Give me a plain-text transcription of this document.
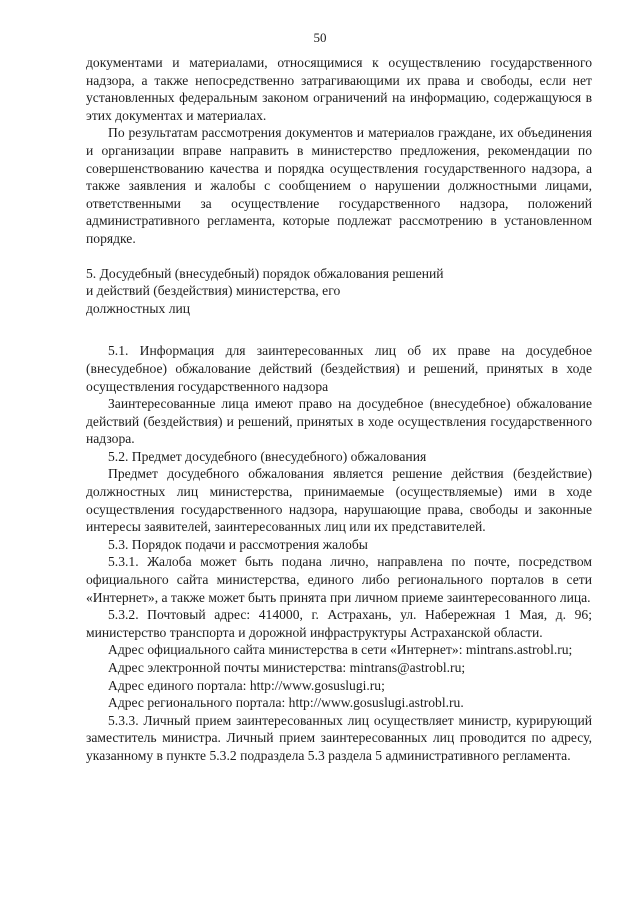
50

документами и материалами, относящимися к осуществлению государственного надзора, а также непосредственно затрагивающими их права и свободы, если нет установленных федеральным законом ограничений на информацию, содержащуюся в этих документах и материалах.

По результатам рассмотрения документов и материалов граждане, их объединения и организации вправе направить в министерство предложения, рекомендации по совершенствованию качества и порядка осуществления государственного надзора, а также заявления и жалобы с сообщением о нарушении должностными лицами, ответственными за осуществление государственного надзора, положений административного регламента, которые подлежат рассмотрению в установленном порядке.

5. Досудебный (внесудебный) порядок обжалования решений

и действий (бездействия) министерства, его

должностных лиц

5.1. Информация для заинтересованных лиц об их праве на досудебное (внесудебное) обжалование действий (бездействия) и решений, принятых в ходе осуществления государственного надзора

Заинтересованные лица имеют право на досудебное (внесудебное) обжалование действий (бездействия) и решений, принятых в ходе осуществления государственного надзора.

5.2. Предмет досудебного (внесудебного) обжалования

Предмет досудебного обжалования является решение действия (бездействие) должностных лиц министерства, принимаемые (осуществляемые) ими в ходе осуществления государственного надзора, нарушающие права, свободы и законные интересы заявителей, заинтересованных лиц или их представителей.

5.3. Порядок подачи и рассмотрения жалобы

5.3.1. Жалоба может быть подана лично, направлена по почте, посредством официального сайта министерства, единого либо регионального порталов в сети «Интернет», а также может быть принята при личном приеме заинтересованного лица.

5.3.2. Почтовый адрес: 414000, г. Астрахань, ул. Набережная 1 Мая, д. 96; министерство транспорта и дорожной инфраструктуры Астраханской области.

Адрес официального сайта министерства в сети «Интернет»: mintrans.astrobl.ru;

Адрес электронной почты министерства: mintrans@astrobl.ru;

Адрес единого портала: http://www.gosuslugi.ru;

Адрес регионального портала: http://www.gosuslugi.astrobl.ru.

5.3.3. Личный прием заинтересованных лиц осуществляет министр, курирующий заместитель министра. Личный прием заинтересованных лиц проводится по адресу, указанному в пункте 5.3.2 подраздела 5.3 раздела 5 административного регламента.
